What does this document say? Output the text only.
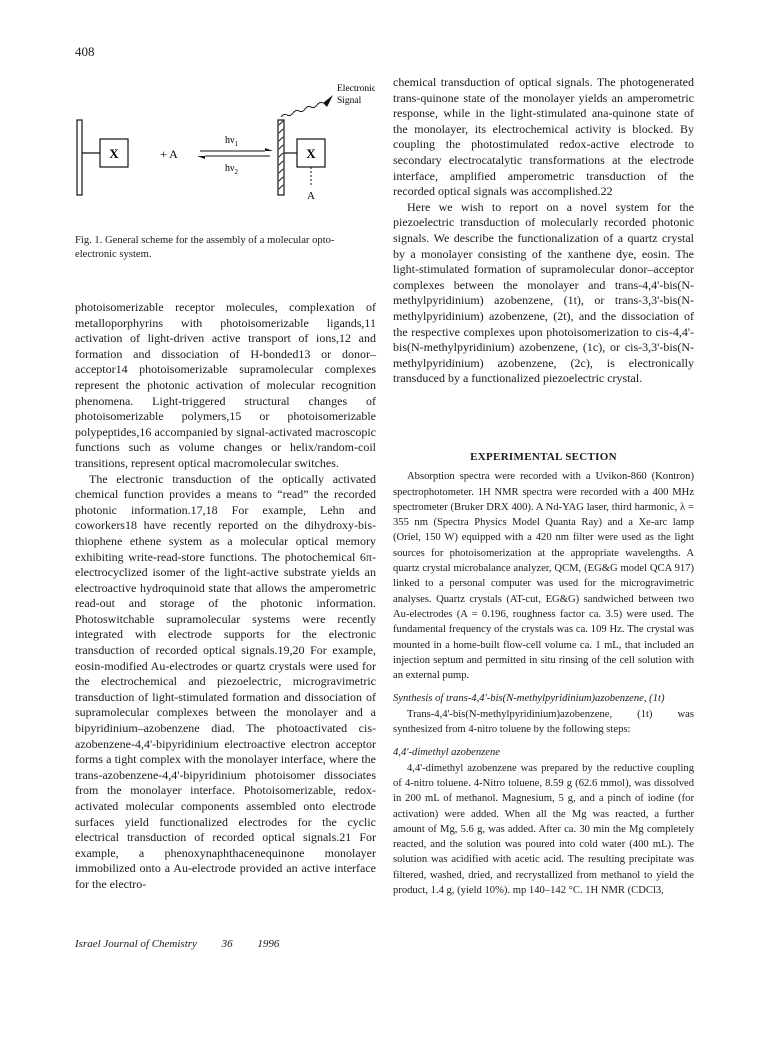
408
X	+ A
$h\nu_1$
$h\nu_2$
X
A
Electronic
Signal
Fig. 1. General scheme for the assembly of a molecular opto-electronic system.

photoisomerizable receptor molecules, complexation of metalloporphyrins with photoisomerizable ligands,11 activation of light-driven active transport of ions,12 and formation and dissociation of H-bonded13 or donor–acceptor14 photoisomerizable supramolecular complexes represent the photonic activation of molecular recognition phenomena. Light-triggered structural changes of photoisomerizable polymers,15 or photoisomerizable polypeptides,16 accompanied by signal-activated macroscopic functions such as volume changes or helix/random-coil transitions, represent optical macromolecular switches.

The electronic transduction of the optically activated chemical function provides a means to “read” the recorded photonic information.17,18 For example, Lehn and coworkers18 have recently reported on the dihydroxy-bis-thiophene ethene system as a molecular optical memory exhibiting write-read-store functions. The photochemical 6π-electrocyclized isomer of the light-active substrate yields an electroactive hydroquinoid state that allows the amperometric read-out and storage of the photonic information. Photoswitchable supramolecular systems were recently integrated with electrode supports for the electronic transduction of recorded optical signals.19,20 For example, eosin-modified Au-electrodes or quartz crystals were used for the electrochemical and piezoelectric, microgravimetric transduction of light-stimulated formation and dissociation of supramolecular complexes between the monolayer and a bipyridinium–azobenzene diad. The photoactivated cis-azobenzene-4,4'-bipyridinium electroactive electron acceptor forms a tight complex with the monolayer interface, where the trans-azobenzene-4,4'-bipyridinium photoisomer dissociates from the monolayer interface. Photoisomerizable, redox-activated molecular components assembled onto electrode surfaces yield functionalized electrodes for the cyclic electrical transduction of recorded optical signals.21 For example, a phenoxynaphthacenequinone monolayer immobilized onto a Au-electrode provided an active interface for the electro-

chemical transduction of optical signals. The photogenerated trans-quinone state of the monolayer yields an amperometric response, while in the light-stimulated ana-quinone state of the monolayer, its electrochemical activity is blocked. By coupling the photostimulated redox-active electrode to secondary electrocatalytic transformations at the electrode interface, amplified amperometric transduction of the recorded optical signals was accomplished.22

Here we wish to report on a novel system for the piezoelectric transduction of molecularly recorded photonic signals. We describe the functionalization of a quartz crystal by a monolayer consisting of the xanthene dye, eosin. The light-stimulated formation of supramolecular donor–acceptor complexes between the monolayer and trans-4,4'-bis(N-methylpyridinium) azobenzene, (1t), or trans-3,3'-bis(N-methylpyridinium) azobenzene, (2t), and the dissociation of the respective complexes upon photoisomerization to cis-4,4'-bis(N-methylpyridinium) azobenzene, (1c), or cis-3,3'-bis(N-methylpyridinium) azobenzene, (2c), is electronically transduced by a functionalized piezoelectric crystal.

EXPERIMENTAL SECTION

Absorption spectra were recorded with a Uvikon-860 (Kontron) spectrophotometer. 1H NMR spectra were recorded with a 400 MHz spectrometer (Bruker DRX 400). A Nd-YAG laser, third harmonic, λ = 355 nm (Spectra Physics Model Quanta Ray) and a Xe-arc lamp (Oriel, 150 W) equipped with a 420 nm filter were used as the light sources for photoisomerization at the appropriate wavelengths. A quartz crystal microbalance analyzer, QCM, (EG&G model QCA 917) linked to a personal computer was used for the microgravimetric analyses. Quartz crystals (AT-cut, EG&G) sandwiched between two Au-electrodes (A = 0.196, roughness factor ca. 3.5) were used. The fundamental frequency of the crystals was ca. 109 Hz. The crystal was mounted in a home-built flow-cell volume ca. 1 mL, that included an injection septum and permitted in situ rinsing of the cell solution with an external pump.

Synthesis of trans-4,4'-bis(N-methylpyridinium)azobenzene, (1t)

Trans-4,4'-bis(N-methylpyridinium)azobenzene, (1t) was synthesized from 4-nitro toluene by the following steps:

4,4'-dimethyl azobenzene

4,4'-dimethyl azobenzene was prepared by the reductive coupling of 4-nitro toluene. 4-Nitro toluene, 8.59 g (62.6 mmol), was dissolved in 200 mL of methanol. Magnesium, 5 g, and a pinch of iodine (for activation) were added. When all the Mg was reacted, a further amount of Mg, 5.6 g, was added. After ca. 30 min the Mg completely reacted, and the solution was poured into cold water (400 mL). The solution was acidified with acetic acid. The resulting precipitate was filtered, washed, dried, and recrystallized from methanol to yield the product, 1.4 g, (yield 10%). mp 140–142 °C. 1H NMR (CDCl3,

Israel Journal of Chemistry 36 1996
